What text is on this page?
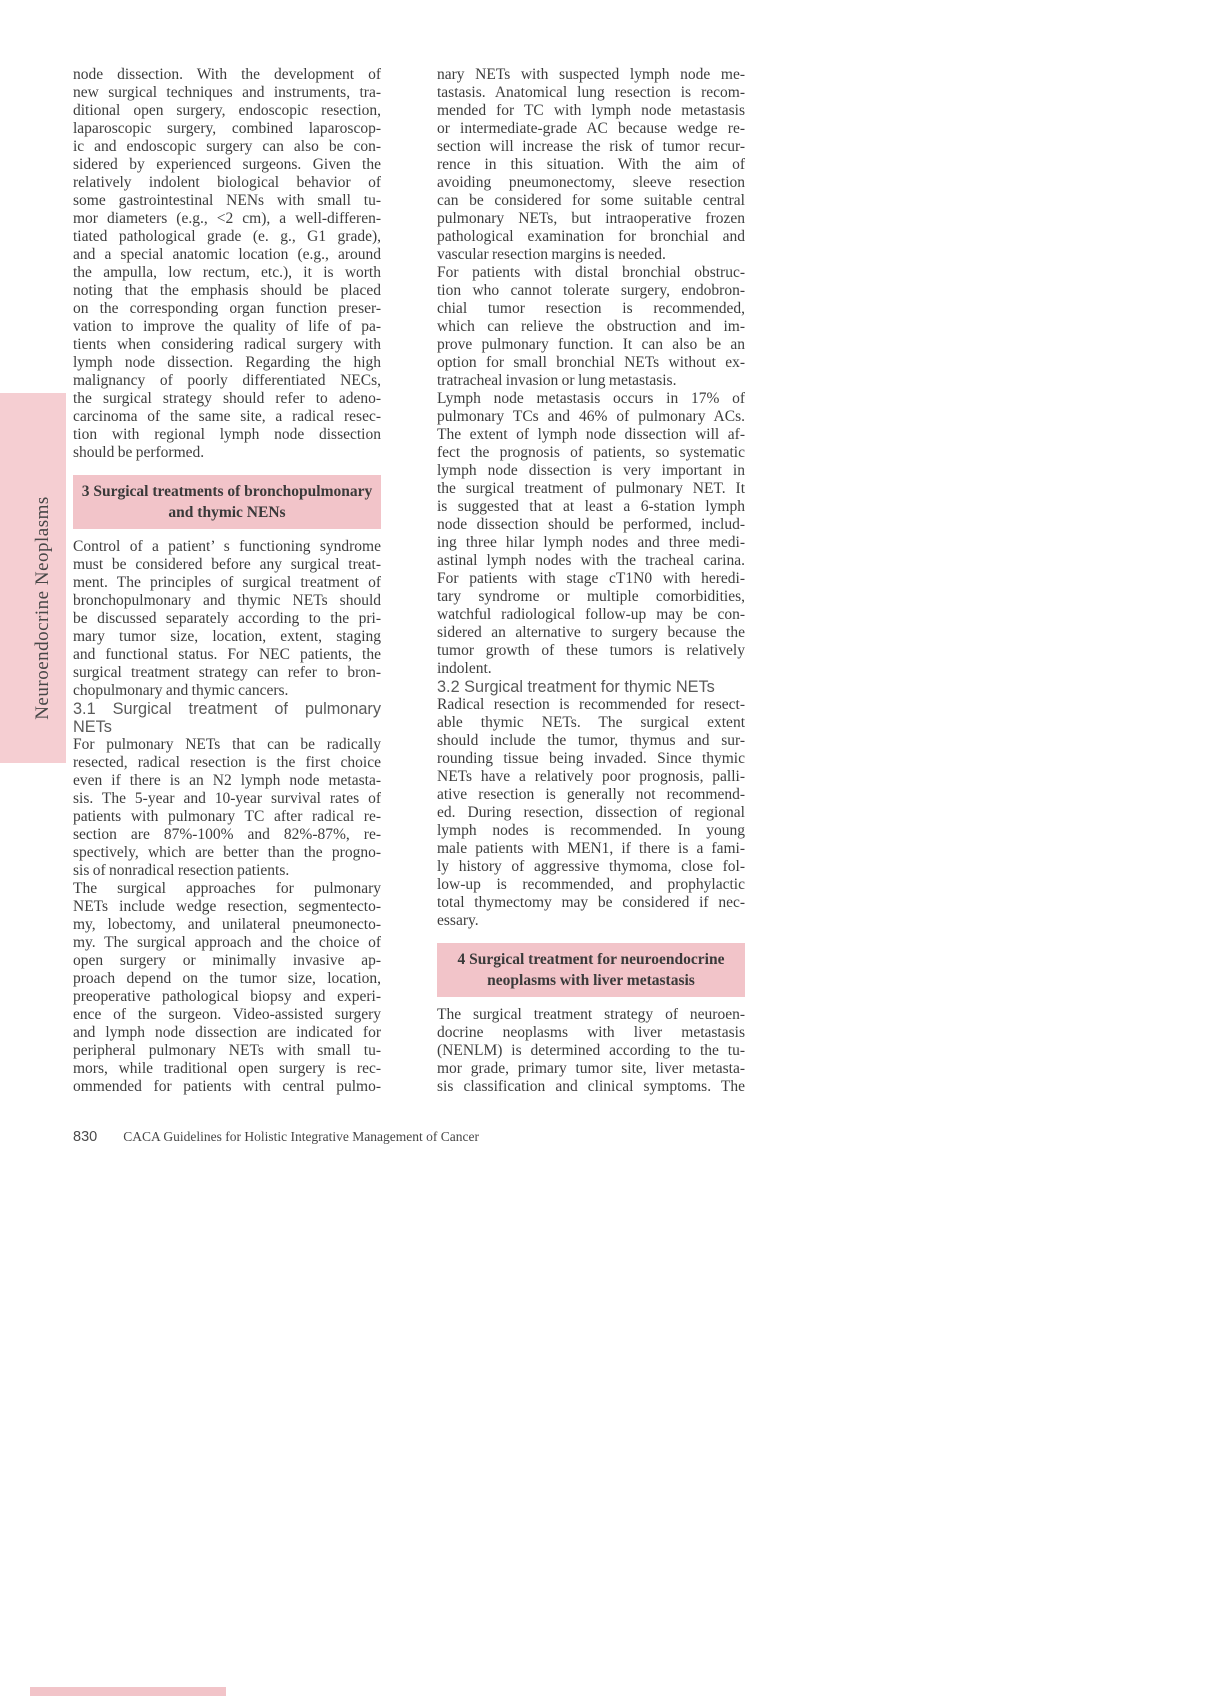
Neuroendocrine Neoplasms
node dissection. With the development of
new surgical techniques and instruments, tra-
ditional open surgery, endoscopic resection,
laparoscopic surgery, combined laparoscop-
ic and endoscopic surgery can also be con-
sidered by experienced surgeons. Given the
relatively indolent biological behavior of
some gastrointestinal NENs with small tu-
mor diameters (e.g., <2 cm), a well-differen-
tiated pathological grade (e. g., G1 grade),
and a special anatomic location (e.g., around
the ampulla, low rectum, etc.), it is worth
noting that the emphasis should be placed
on the corresponding organ function preser-
vation to improve the quality of life of pa-
tients when considering radical surgery with
lymph node dissection. Regarding the high
malignancy of poorly differentiated NECs,
the surgical strategy should refer to adeno-
carcinoma of the same site, a radical resec-
tion with regional lymph node dissection
should be performed.
3 Surgical treatments of bronchopulmonary
and thymic NENs
Control of a patient’ s functioning syndrome
must be considered before any surgical treat-
ment. The principles of surgical treatment of
bronchopulmonary and thymic NETs should
be discussed separately according to the pri-
mary tumor size, location, extent, staging
and functional status. For NEC patients, the
surgical treatment strategy can refer to bron-
chopulmonary and thymic cancers.
3.1 Surgical treatment of pulmonary
NETs
For pulmonary NETs that can be radically
resected, radical resection is the first choice
even if there is an N2 lymph node metasta-
sis. The 5-year and 10-year survival rates of
patients with pulmonary TC after radical re-
section are 87%-100% and 82%-87%, re-
spectively, which are better than the progno-
sis of nonradical resection patients.
The surgical approaches for pulmonary
NETs include wedge resection, segmentecto-
my, lobectomy, and unilateral pneumonecto-
my. The surgical approach and the choice of
open surgery or minimally invasive ap-
proach depend on the tumor size, location,
preoperative pathological biopsy and experi-
ence of the surgeon. Video-assisted surgery
and lymph node dissection are indicated for
peripheral pulmonary NETs with small tu-
mors, while traditional open surgery is rec-
ommended for patients with central pulmo-
nary NETs with suspected lymph node me-
tastasis. Anatomical lung resection is recom-
mended for TC with lymph node metastasis
or intermediate-grade AC because wedge re-
section will increase the risk of tumor recur-
rence in this situation. With the aim of
avoiding pneumonectomy, sleeve resection
can be considered for some suitable central
pulmonary NETs, but intraoperative frozen
pathological examination for bronchial and
vascular resection margins is needed.
For patients with distal bronchial obstruc-
tion who cannot tolerate surgery, endobron-
chial tumor resection is recommended,
which can relieve the obstruction and im-
prove pulmonary function. It can also be an
option for small bronchial NETs without ex-
tratracheal invasion or lung metastasis.
Lymph node metastasis occurs in 17% of
pulmonary TCs and 46% of pulmonary ACs.
The extent of lymph node dissection will af-
fect the prognosis of patients, so systematic
lymph node dissection is very important in
the surgical treatment of pulmonary NET. It
is suggested that at least a 6-station lymph
node dissection should be performed, includ-
ing three hilar lymph nodes and three medi-
astinal lymph nodes with the tracheal carina.
For patients with stage cT1N0 with heredi-
tary syndrome or multiple comorbidities,
watchful radiological follow-up may be con-
sidered an alternative to surgery because the
tumor growth of these tumors is relatively
indolent.
3.2 Surgical treatment for thymic NETs
Radical resection is recommended for resect-
able thymic NETs. The surgical extent
should include the tumor, thymus and sur-
rounding tissue being invaded. Since thymic
NETs have a relatively poor prognosis, palli-
ative resection is generally not recommend-
ed. During resection, dissection of regional
lymph nodes is recommended. In young
male patients with MEN1, if there is a fami-
ly history of aggressive thymoma, close fol-
low-up is recommended, and prophylactic
total thymectomy may be considered if nec-
essary.
4 Surgical treatment for neuroendocrine
neoplasms with liver metastasis
The surgical treatment strategy of neuroen-
docrine neoplasms with liver metastasis
(NENLM) is determined according to the tu-
mor grade, primary tumor site, liver metasta-
sis classification and clinical symptoms. The
830 CACA Guidelines for Holistic Integrative Management of Cancer
